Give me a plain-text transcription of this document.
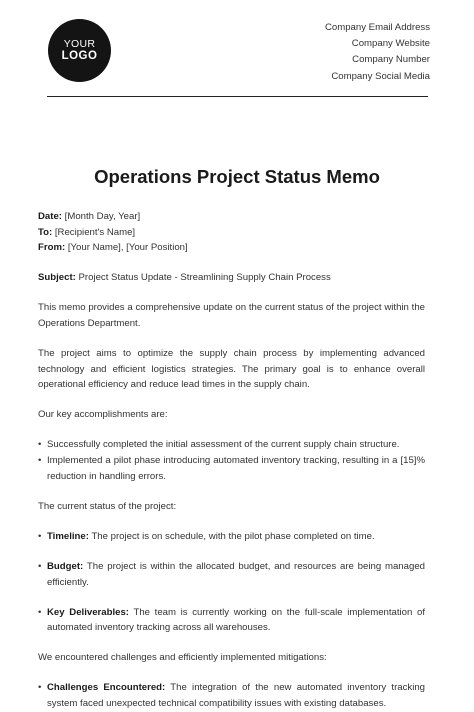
YOUR
LOGO
Company Email Address
Company Website
Company Number
Company Social Media
Operations Project Status Memo

Date: [Month Day, Year]

To: [Recipient's Name]

From: [Your Name], [Your Position]

Subject: Project Status Update - Streamlining Supply Chain Process

This memo provides a comprehensive update on the current status of the project within the Operations Department.

The project aims to optimize the supply chain process by implementing advanced technology and efficient logistics strategies. The primary goal is to enhance overall operational efficiency and reduce lead times in the supply chain.

Our key accomplishments are:

• Successfully completed the initial assessment of the current supply chain structure.
• Implemented a pilot phase introducing automated inventory tracking, resulting in a [15]% reduction in handling errors.

The current status of the project:

• Timeline: The project is on schedule, with the pilot phase completed on time.
• Budget: The project is within the allocated budget, and resources are being managed efficiently.
• Key Deliverables: The team is currently working on the full-scale implementation of automated inventory tracking across all warehouses.

We encountered challenges and efficiently implemented mitigations:

• Challenges Encountered: The integration of the new automated inventory tracking system faced unexpected technical compatibility issues with existing databases.
